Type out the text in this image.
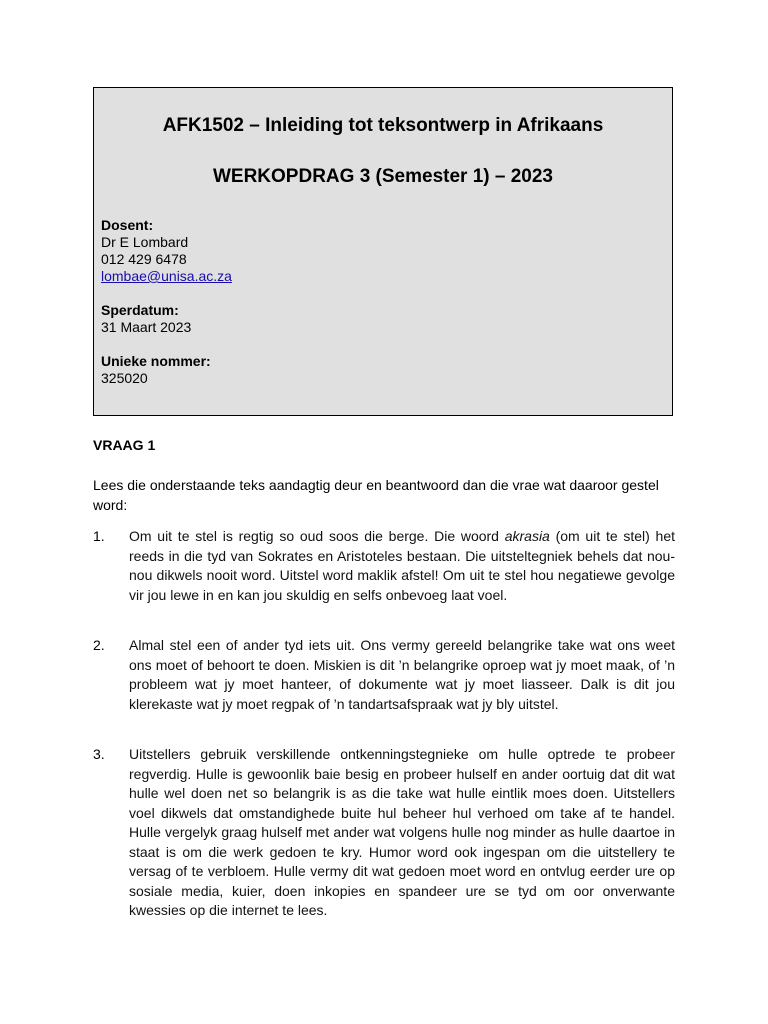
AFK1502 – Inleiding tot teksontwerp in Afrikaans
WERKOPDRAG 3 (Semester 1) – 2023
Dosent:
Dr E Lombard
012 429 6478
lombae@unisa.ac.za
Sperdatum:
31 Maart 2023
Unieke nommer:
325020
VRAAG 1
Lees die onderstaande teks aandagtig deur en beantwoord dan die vrae wat daaroor gestel word:
1. Om uit te stel is regtig so oud soos die berge. Die woord akrasia (om uit te stel) het reeds in die tyd van Sokrates en Aristoteles bestaan. Die uitsteltegniek behels dat nou-nou dikwels nooit word. Uitstel word maklik afstel! Om uit te stel hou negatiewe gevolge vir jou lewe in en kan jou skuldig en selfs onbevoeg laat voel.
2. Almal stel een of ander tyd iets uit. Ons vermy gereeld belangrike take wat ons weet ons moet of behoort te doen. Miskien is dit ’n belangrike oproep wat jy moet maak, of ’n probleem wat jy moet hanteer, of dokumente wat jy moet liasseer. Dalk is dit jou klerekaste wat jy moet regpak of ’n tandartsafspraak wat jy bly uitstel.
3. Uitstellers gebruik verskillende ontkenningstegnieke om hulle optrede te probeer regverdig. Hulle is gewoonlik baie besig en probeer hulself en ander oortuig dat dit wat hulle wel doen net so belangrik is as die take wat hulle eintlik moes doen. Uitstellers voel dikwels dat omstandighede buite hul beheer hul verhoed om take af te handel. Hulle vergelyk graag hulself met ander wat volgens hulle nog minder as hulle daartoe in staat is om die werk gedoen te kry. Humor word ook ingespan om die uitstellery te versag of te verbloem. Hulle vermy dit wat gedoen moet word en ontvlug eerder ure op sosiale media, kuier, doen inkopies en spandeer ure se tyd om oor onverwante kwessies op die internet te lees.
